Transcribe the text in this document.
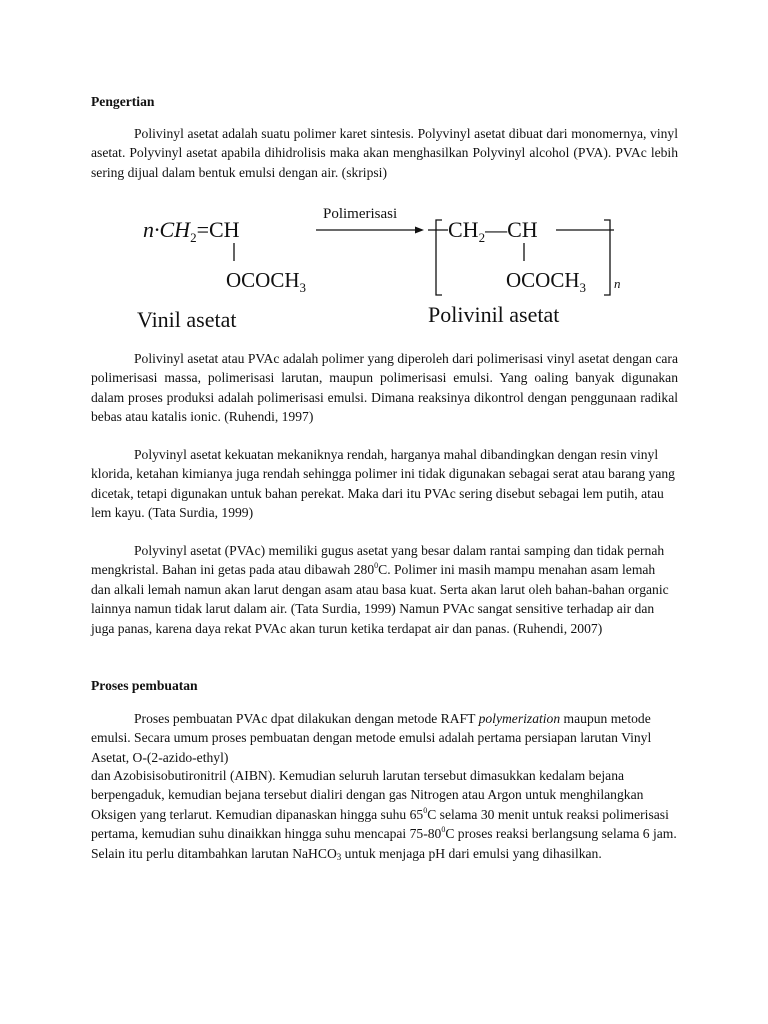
Pengertian

Polivinyl asetat adalah suatu polimer karet sintesis. Polyvinyl asetat dibuat dari monomernya, vinyl asetat. Polyvinyl asetat apabila dihidrolisis maka akan menghasilkan Polyvinyl alcohol (PVA). PVAc lebih sering dijual dalam bentuk emulsi dengan air. (skripsi)

$n\cdot CH_2=CH$
$OCOCH_3$
Vinil asetat
Polimerisasi
$CH_2—CH$
$OCOCH_3$ n
Polivinil asetat

Polivinyl asetat atau PVAc adalah polimer yang diperoleh dari polimerisasi vinyl asetat dengan cara polimerisasi massa, polimerisasi larutan, maupun polimerisasi emulsi. Yang oaling banyak digunakan dalam proses produksi adalah polimerisasi emulsi. Dimana reaksinya dikontrol dengan penggunaan radikal bebas atau katalis ionic. (Ruhendi, 1997)

Polyvinyl asetat kekuatan mekaniknya rendah, harganya mahal dibandingkan dengan resin vinyl klorida, ketahan kimianya juga rendah sehingga polimer ini tidak digunakan sebagai serat atau barang yang dicetak, tetapi digunakan untuk bahan perekat. Maka dari itu PVAc sering disebut sebagai lem putih, atau lem kayu. (Tata Surdia, 1999)

Polyvinyl asetat (PVAc) memiliki gugus asetat yang besar dalam rantai samping dan tidak pernah mengkristal. Bahan ini getas pada atau dibawah $280^0C$. Polimer ini masih mampu menahan asam lemah dan alkali lemah namun akan larut dengan asam atau basa kuat. Serta akan larut oleh bahan-bahan organic lainnya namun tidak larut dalam air. (Tata Surdia, 1999) Namun PVAc sangat sensitive terhadap air dan juga panas, karena daya rekat PVAc akan turun ketika terdapat air dan panas. (Ruhendi, 2007)

Proses pembuatan

Proses pembuatan PVAc dpat dilakukan dengan metode RAFT polymerization maupun metode emulsi. Secara umum proses pembuatan dengan metode emulsi adalah pertama persiapan larutan Vinyl Asetat, O-(2-azido-ethyl)

dan Azobisisobutironitril (AIBN). Kemudian seluruh larutan tersebut dimasukkan kedalam bejana berpengaduk, kemudian bejana tersebut dialiri dengan gas Nitrogen atau Argon untuk menghilangkan Oksigen yang terlarut. Kemudian dipanaskan hingga suhu $65^0C$ selama 30 menit untuk reaksi polimerisasi pertama, kemudian suhu dinaikkan hingga suhu mencapai $75-80^0C$ proses reaksi berlangsung selama 6 jam. Selain itu perlu ditambahkan larutan NaHCO$_3$ untuk menjaga pH dari emulsi yang dihasilkan.
